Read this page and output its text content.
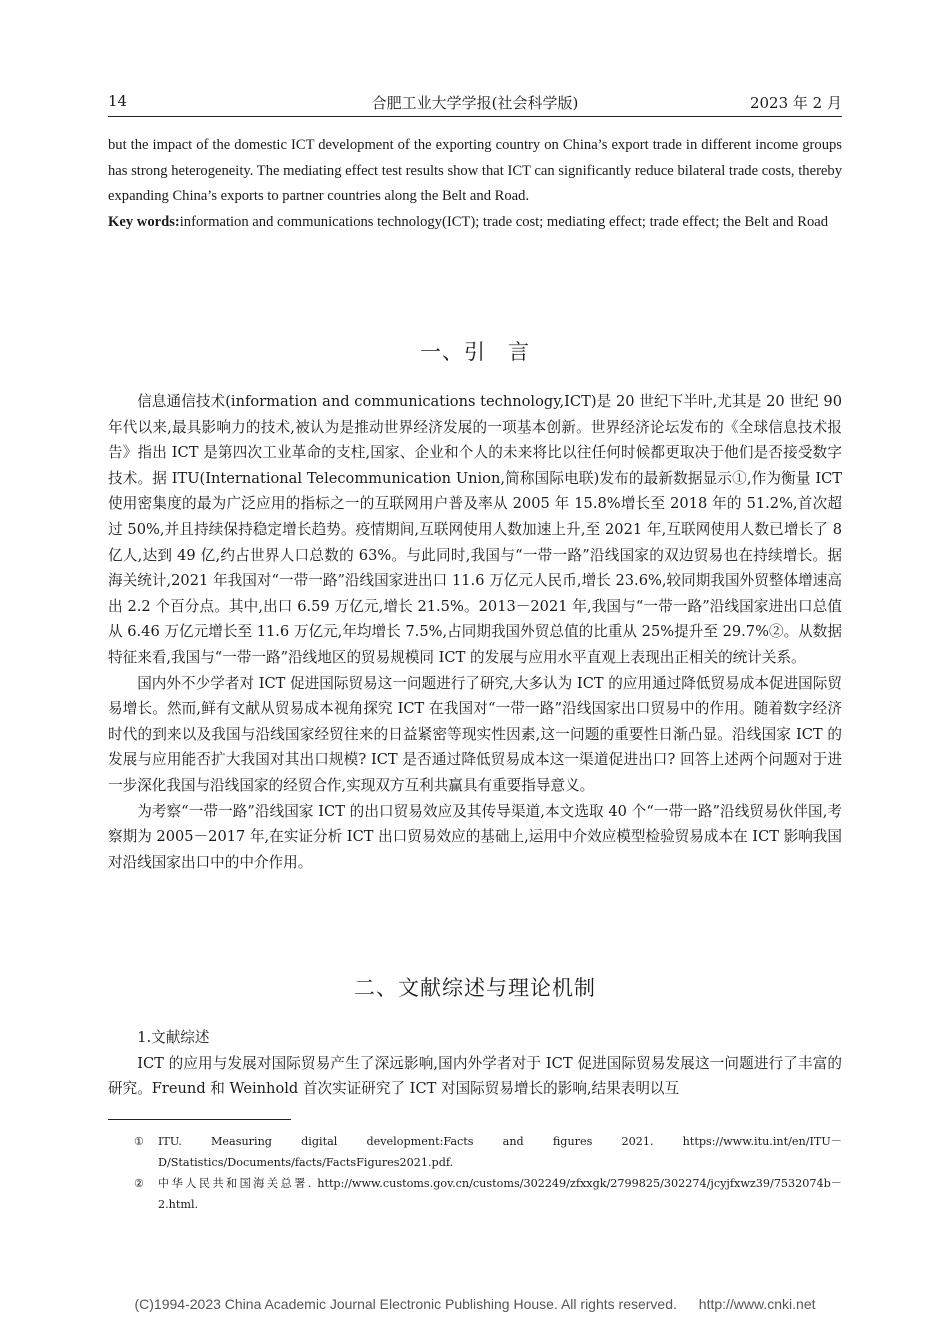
14	合肥工业大学学报(社会科学版)	2023 年 2 月

but the impact of the domestic ICT development of the exporting country on China’s export trade in different income groups has strong heterogeneity. The mediating effect test results show that ICT can significantly reduce bilateral trade costs, thereby expanding China’s exports to partner countries along the Belt and Road.

Key words:information and communications technology(ICT); trade cost; mediating effect; trade effect; the Belt and Road

一、引　言

信息通信技术(information and communications technology,ICT)是 20 世纪下半叶,尤其是 20 世纪 90 年代以来,最具影响力的技术,被认为是推动世界经济发展的一项基本创新。世界经济论坛发布的《全球信息技术报告》指出 ICT 是第四次工业革命的支柱,国家、企业和个人的未来将比以往任何时候都更取决于他们是否接受数字技术。据 ITU(International Telecommunication Union,简称国际电联)发布的最新数据显示①,作为衡量 ICT 使用密集度的最为广泛应用的指标之一的互联网用户普及率从 2005 年 15.8%增长至 2018 年的 51.2%,首次超过 50%,并且持续保持稳定增长趋势。疫情期间,互联网使用人数加速上升,至 2021 年,互联网使用人数已增长了 8 亿人,达到 49 亿,约占世界人口总数的 63%。与此同时,我国与“一带一路”沿线国家的双边贸易也在持续增长。据海关统计,2021 年我国对“一带一路”沿线国家进出口 11.6 万亿元人民币,增长 23.6%,较同期我国外贸整体增速高出 2.2 个百分点。其中,出口 6.59 万亿元,增长 21.5%。2013－2021 年,我国与“一带一路”沿线国家进出口总值从 6.46 万亿元增长至 11.6 万亿元,年均增长 7.5%,占同期我国外贸总值的比重从 25%提升至 29.7%②。从数据特征来看,我国与“一带一路”沿线地区的贸易规模同 ICT 的发展与应用水平直观上表现出正相关的统计关系。

国内外不少学者对 ICT 促进国际贸易这一问题进行了研究,大多认为 ICT 的应用通过降低贸易成本促进国际贸易增长。然而,鲜有文献从贸易成本视角探究 ICT 在我国对“一带一路”沿线国家出口贸易中的作用。随着数字经济时代的到来以及我国与沿线国家经贸往来的日益紧密等现实性因素,这一问题的重要性日渐凸显。沿线国家 ICT 的发展与应用能否扩大我国对其出口规模? ICT 是否通过降低贸易成本这一渠道促进出口? 回答上述两个问题对于进一步深化我国与沿线国家的经贸合作,实现双方互利共赢具有重要指导意义。

为考察“一带一路”沿线国家 ICT 的出口贸易效应及其传导渠道,本文选取 40 个“一带一路”沿线贸易伙伴国,考察期为 2005－2017 年,在实证分析 ICT 出口贸易效应的基础上,运用中介效应模型检验贸易成本在 ICT 影响我国对沿线国家出口中的中介作用。

二、文献综述与理论机制

1.文献综述

ICT 的应用与发展对国际贸易产生了深远影响,国内外学者对于 ICT 促进国际贸易发展这一问题进行了丰富的研究。Freund 和 Weinhold 首次实证研究了 ICT 对国际贸易增长的影响,结果表明以互

① ITU. Measuring digital development:Facts and figures 2021. https://www.itu.int/en/ITU－D/Statistics/Documents/facts/FactsFigures2021.pdf.
② 中华人民共和国海关总署. http://www.customs.gov.cn/customs/302249/zfxxgk/2799825/302274/jcyjfxwz39/7532074b－2.html.
(C)1994-2023 China Academic Journal Electronic Publishing House. All rights reserved. http://www.cnki.net
